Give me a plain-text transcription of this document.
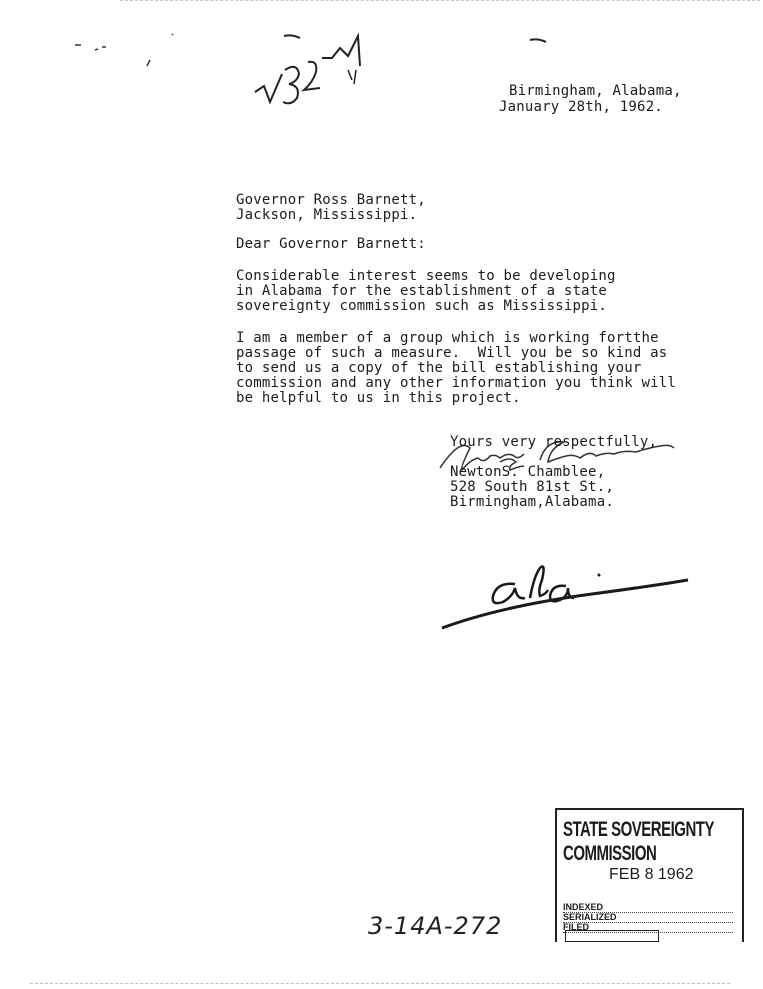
Birmingham, Alabama,
January 28th, 1962.
Governor Ross Barnett,
Jackson, Mississippi.
Dear Governor Barnett:
Considerable interest seems to be developing
in Alabama for the establishment of a state
sovereignty commission such as Mississippi.
I am a member of a group which is working fortthe
passage of such a measure.  Will you be so kind as
to send us a copy of the bill establishing your
commission and any other information you think will
be helpful to us in this project.
Yours very respectfully,
NewtonS. Chamblee,
528 South 81st St.,
Birmingham,Alabama.
STATE SOVEREIGNTY COMMISSION
FEB 8 1962
INDEXED
SERIALIZED
FILED
3-14A-272
